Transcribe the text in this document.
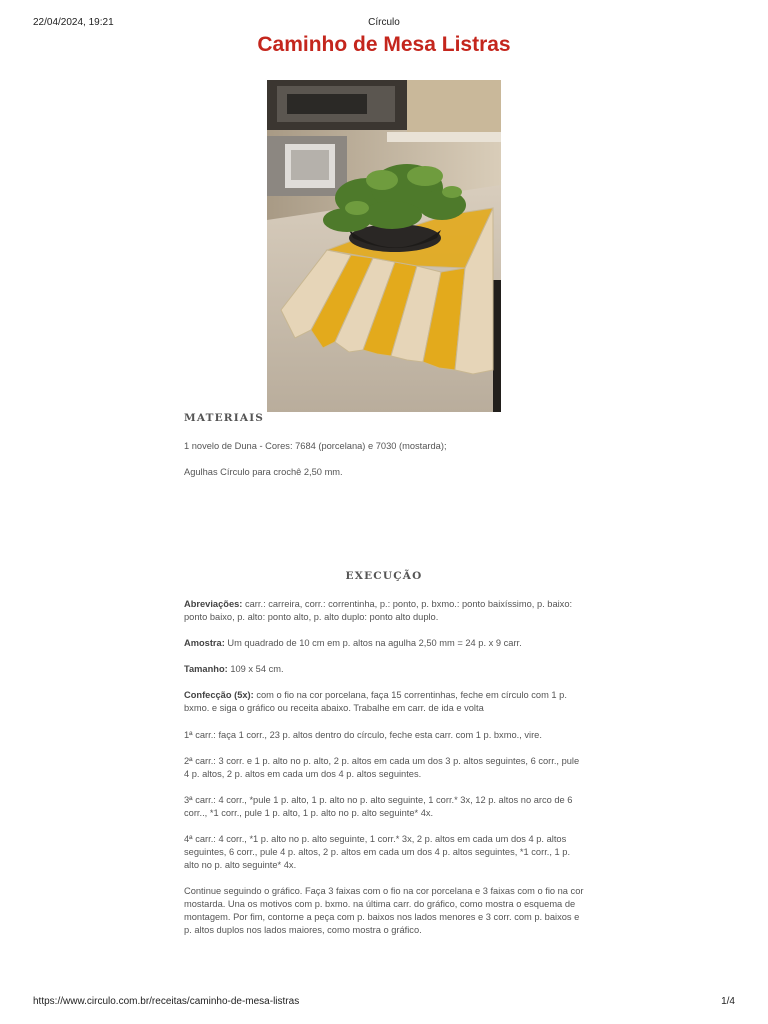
22/04/2024, 19:21	Círculo
Caminho de Mesa Listras
MATERIAIS

1 novelo de Duna - Cores: 7684 (porcelana) e 7030 (mostarda);

Agulhas Círculo para crochê 2,50 mm.

EXECUÇÃO

Abreviações: carr.: carreira, corr.: correntinha, p.: ponto, p. bxmo.: ponto baixíssimo, p. baixo: ponto baixo, p. alto: ponto alto, p. alto duplo: ponto alto duplo.

Amostra: Um quadrado de 10 cm em p. altos na agulha 2,50 mm = 24 p. x 9 carr.

Tamanho: 109 x 54 cm.

Confecção (5x): com o fio na cor porcelana, faça 15 correntinhas, feche em círculo com 1 p. bxmo. e siga o gráfico ou receita abaixo. Trabalhe em carr. de ida e volta

1ª carr.: faça 1 corr., 23 p. altos dentro do círculo, feche esta carr. com 1 p. bxmo., vire.

2ª carr.: 3 corr. e 1 p. alto no p. alto, 2 p. altos em cada um dos 3 p. altos seguintes, 6 corr., pule 4 p. altos, 2 p. altos em cada um dos 4 p. altos seguintes.

3ª carr.: 4 corr., *pule 1 p. alto, 1 p. alto no p. alto seguinte, 1 corr.* 3x, 12 p. altos no arco de 6 corr.., *1 corr., pule 1 p. alto, 1 p. alto no p. alto seguinte* 4x.

4ª carr.: 4 corr., *1 p. alto no p. alto seguinte, 1 corr.* 3x, 2 p. altos em cada um dos 4 p. altos seguintes, 6 corr., pule 4 p. altos, 2 p. altos em cada um dos 4 p. altos seguintes, *1 corr., 1 p. alto no p. alto seguinte* 4x.

Continue seguindo o gráfico. Faça 3 faixas com o fio na cor porcelana e 3 faixas com o fio na cor mostarda. Una os motivos com p. bxmo. na última carr. do gráfico, como mostra o esquema de montagem. Por fim, contorne a peça com p. baixos nos lados menores e 3 corr. com p. baixos e p. altos duplos nos lados maiores, como mostra o gráfico.

https://www.circulo.com.br/receitas/caminho-de-mesa-listras	1/4
